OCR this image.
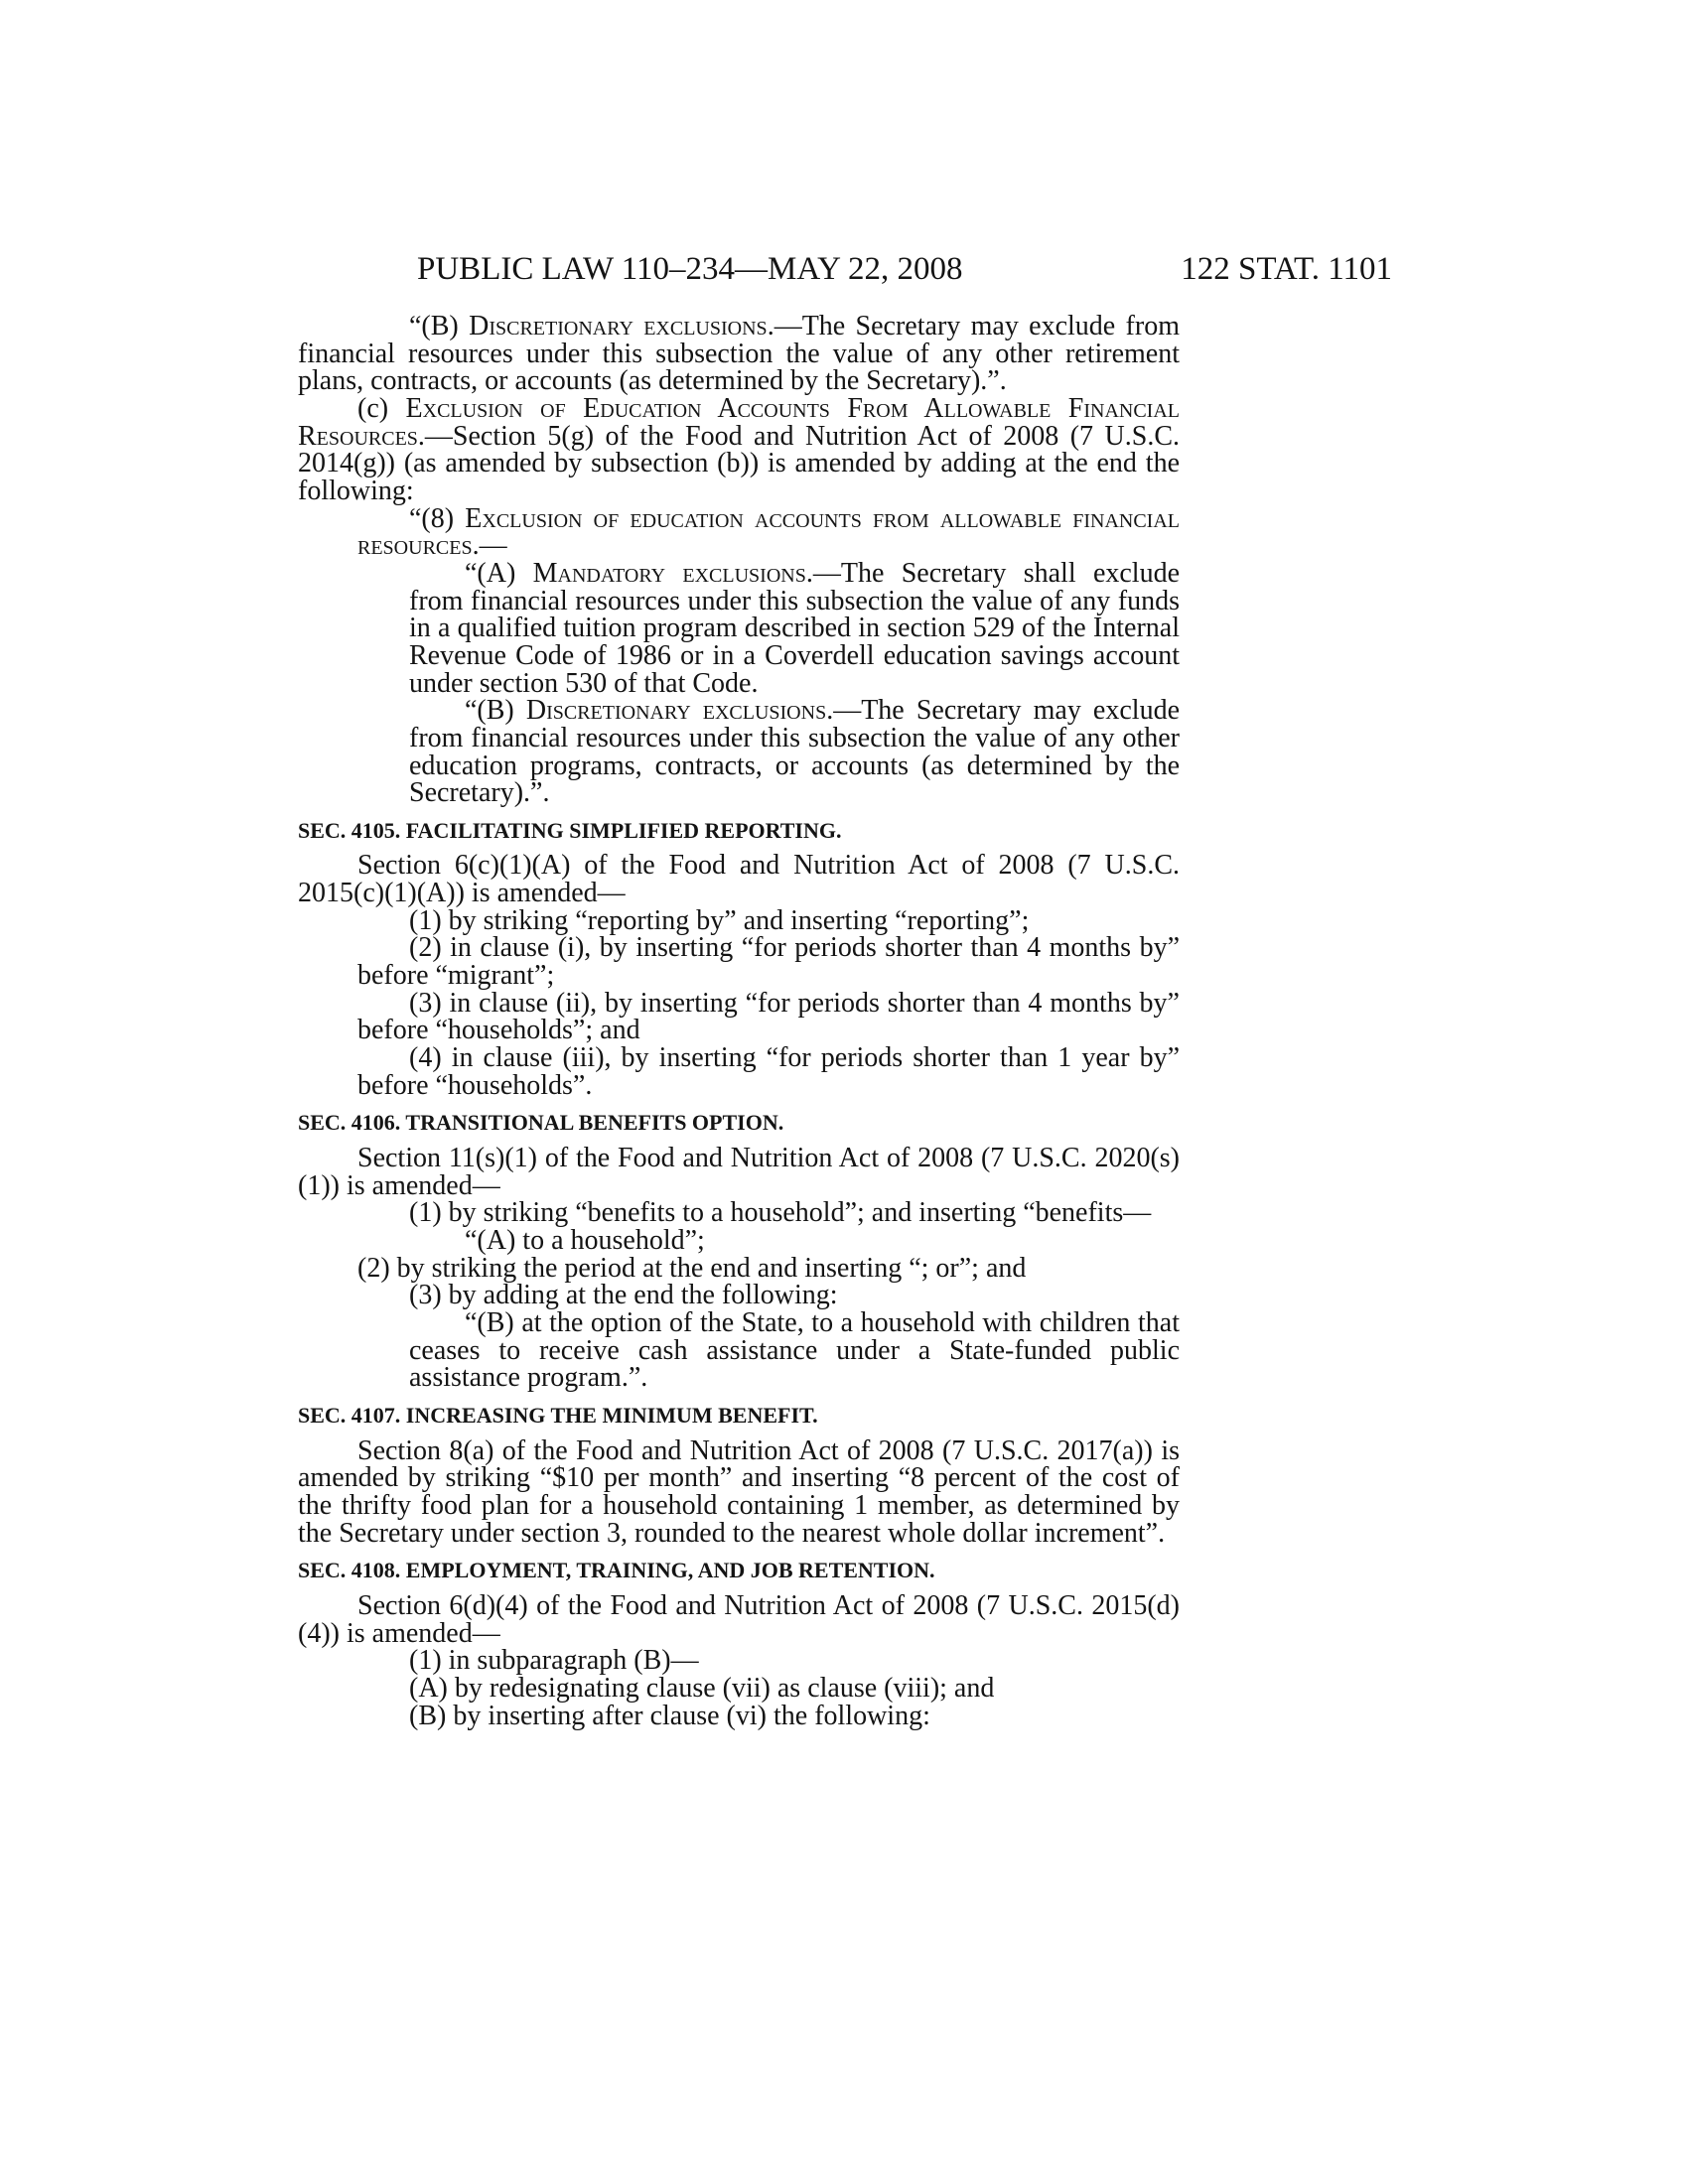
PUBLIC LAW 110–234—MAY 22, 2008	122 STAT. 1101

“(B) Discretionary exclusions.—The Secretary may exclude from financial resources under this subsection the value of any other retirement plans, contracts, or accounts (as determined by the Secretary).”.

(c) Exclusion of Education Accounts From Allowable Financial Resources.—Section 5(g) of the Food and Nutrition Act of 2008 (7 U.S.C. 2014(g)) (as amended by subsection (b)) is amended by adding at the end the following:

“(8) Exclusion of education accounts from allowable financial resources.—

“(A) Mandatory exclusions.—The Secretary shall exclude from financial resources under this subsection the value of any funds in a qualified tuition program described in section 529 of the Internal Revenue Code of 1986 or in a Coverdell education savings account under section 530 of that Code.

“(B) Discretionary exclusions.—The Secretary may exclude from financial resources under this subsection the value of any other education programs, contracts, or accounts (as determined by the Secretary).”.

SEC. 4105. FACILITATING SIMPLIFIED REPORTING.

Section 6(c)(1)(A) of the Food and Nutrition Act of 2008 (7 U.S.C. 2015(c)(1)(A)) is amended—

(1) by striking “reporting by” and inserting “reporting”;

(2) in clause (i), by inserting “for periods shorter than 4 months by” before “migrant”;

(3) in clause (ii), by inserting “for periods shorter than 4 months by” before “households”; and

(4) in clause (iii), by inserting “for periods shorter than 1 year by” before “households”.

SEC. 4106. TRANSITIONAL BENEFITS OPTION.

Section 11(s)(1) of the Food and Nutrition Act of 2008 (7 U.S.C. 2020(s)(1)) is amended—

(1) by striking “benefits to a household”; and inserting “benefits—

“(A) to a household”;

(2) by striking the period at the end and inserting “; or”; and

(3) by adding at the end the following:

“(B) at the option of the State, to a household with children that ceases to receive cash assistance under a State-funded public assistance program.”.

SEC. 4107. INCREASING THE MINIMUM BENEFIT.

Section 8(a) of the Food and Nutrition Act of 2008 (7 U.S.C. 2017(a)) is amended by striking “$10 per month” and inserting “8 percent of the cost of the thrifty food plan for a household containing 1 member, as determined by the Secretary under section 3, rounded to the nearest whole dollar increment”.

SEC. 4108. EMPLOYMENT, TRAINING, AND JOB RETENTION.

Section 6(d)(4) of the Food and Nutrition Act of 2008 (7 U.S.C. 2015(d)(4)) is amended—

(1) in subparagraph (B)—

(A) by redesignating clause (vii) as clause (viii); and

(B) by inserting after clause (vi) the following:
